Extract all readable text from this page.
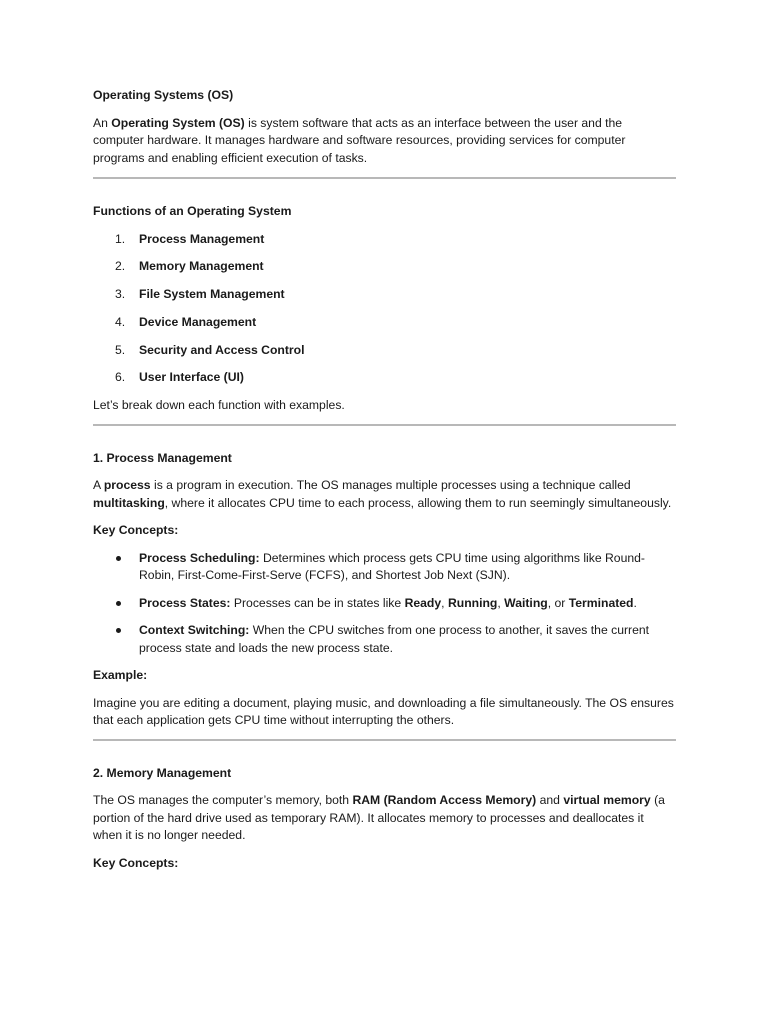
Operating Systems (OS)

An Operating System (OS) is system software that acts as an interface between the user and the computer hardware. It manages hardware and software resources, providing services for computer programs and enabling efficient execution of tasks.

Functions of an Operating System

1. Process Management
2. Memory Management
3. File System Management
4. Device Management
5. Security and Access Control
6. User Interface (UI)

Let’s break down each function with examples.

1. Process Management

A process is a program in execution. The OS manages multiple processes using a technique called multitasking, where it allocates CPU time to each process, allowing them to run seemingly simultaneously.

Key Concepts:

Process Scheduling: Determines which process gets CPU time using algorithms like Round-Robin, First-Come-First-Serve (FCFS), and Shortest Job Next (SJN).
Process States: Processes can be in states like Ready, Running, Waiting, or Terminated.
Context Switching: When the CPU switches from one process to another, it saves the current process state and loads the new process state.

Example:

Imagine you are editing a document, playing music, and downloading a file simultaneously. The OS ensures that each application gets CPU time without interrupting the others.

2. Memory Management

The OS manages the computer’s memory, both RAM (Random Access Memory) and virtual memory (a portion of the hard drive used as temporary RAM). It allocates memory to processes and deallocates it when it is no longer needed.

Key Concepts:
